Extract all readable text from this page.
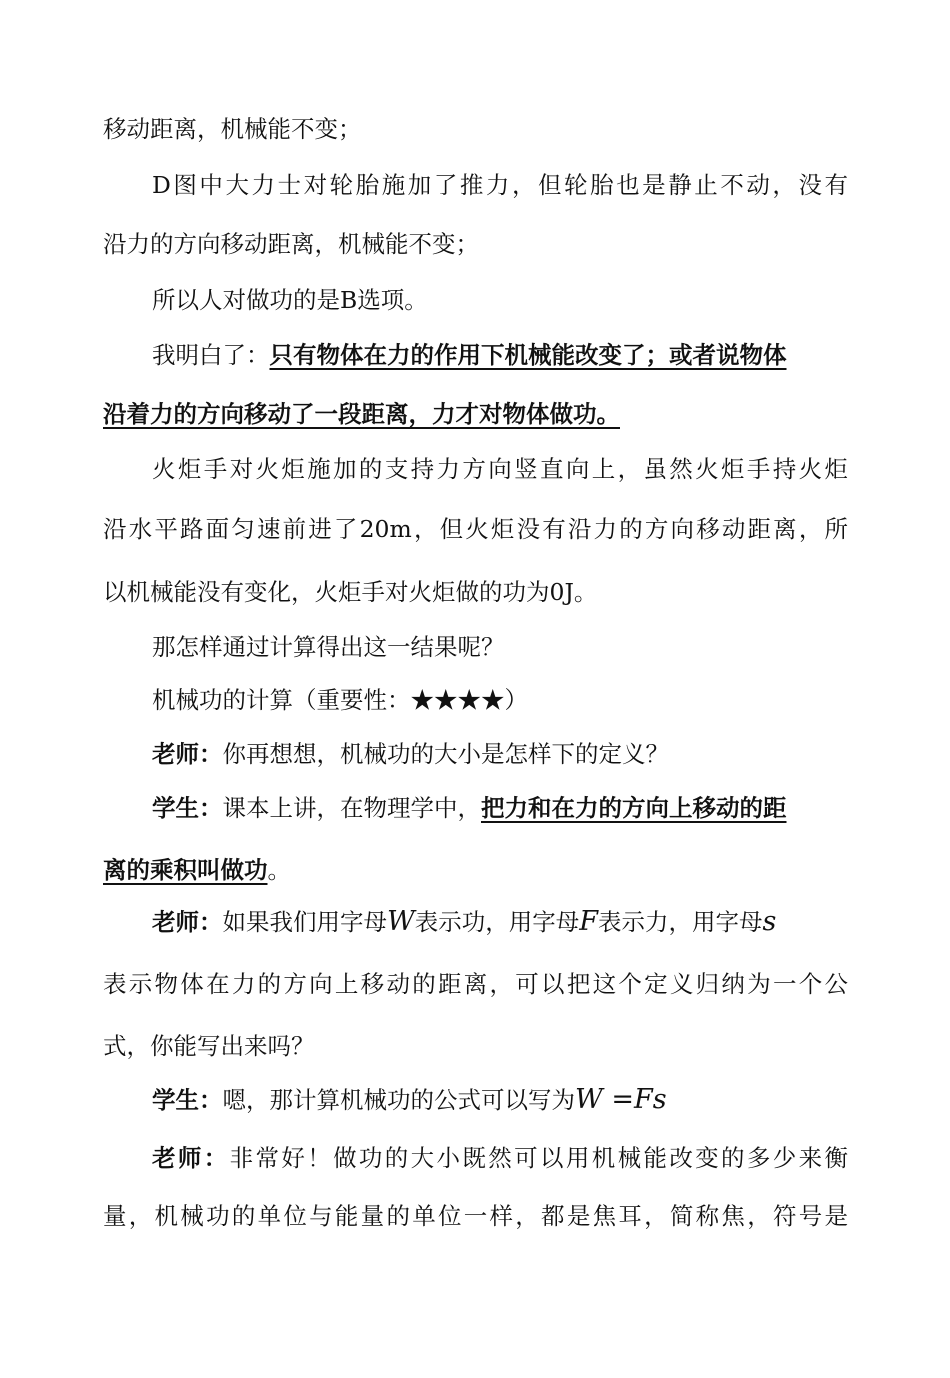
移动距离，机械能不变；
D图中大力士对轮胎施加了推力，但轮胎也是静止不动，没有
沿力的方向移动距离，机械能不变；
所以人对做功的是B选项。
我明白了：只有物体在力的作用下机械能改变了；或者说物体
沿着力的方向移动了一段距离，力才对物体做功。
火炬手对火炬施加的支持力方向竖直向上，虽然火炬手持火炬
沿水平路面匀速前进了20m，但火炬没有沿力的方向移动距离，所
以机械能没有变化，火炬手对火炬做的功为0J。
那怎样通过计算得出这一结果呢？
机械功的计算（重要性：★★★★）
老师：你再想想，机械功的大小是怎样下的定义？
学生：课本上讲，在物理学中，把力和在力的方向上移动的距
离的乘积叫做功。
老师：如果我们用字母W表示功，用字母F表示力，用字母s
表示物体在力的方向上移动的距离，可以把这个定义归纳为一个公
式，你能写出来吗？
学生：嗯，那计算机械功的公式可以写为W =Fs
老师：非常好！做功的大小既然可以用机械能改变的多少来衡
量，机械功的单位与能量的单位一样，都是焦耳，简称焦，符号是
